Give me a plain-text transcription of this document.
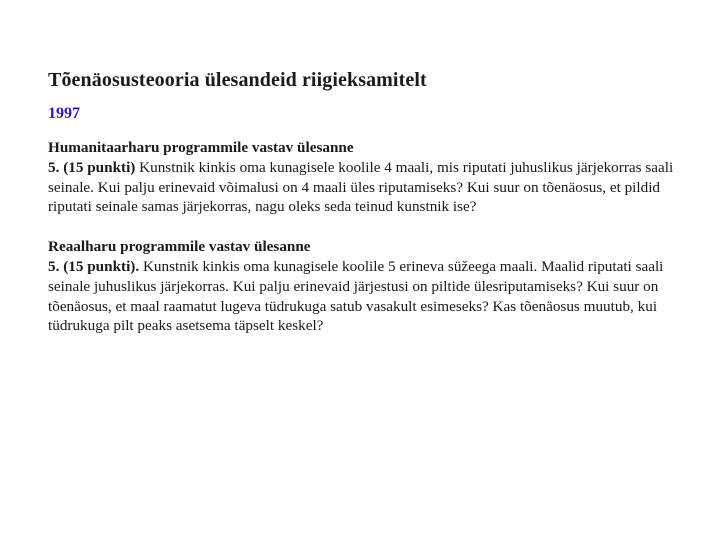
Tõenäosusteooria ülesandeid riigieksamitelt
1997
Humanitaarharu programmile vastav ülesanne
5. (15 punkti) Kunstnik kinkis oma kunagisele koolile 4 maali, mis riputati juhuslikus järjekorras saali seinale. Kui palju erinevaid võimalusi on 4 maali üles riputamiseks? Kui suur on tõenäosus, et pildid riputati seinale samas järjekorras, nagu oleks seda teinud kunstnik ise?
Reaalharu programmile vastav ülesanne
5. (15 punkti). Kunstnik kinkis oma kunagisele koolile 5 erineva süžeega maali. Maalid riputati saali seinale juhuslikus järjekorras. Kui palju erinevaid järjestusi on piltide ülesriputamiseks? Kui suur on tõenäosus, et maal raamatut lugeva tüdrukuga satub vasakult esimeseks? Kas tõenäosus muutub, kui tüdrukuga pilt peaks asetsema täpselt keskel?
